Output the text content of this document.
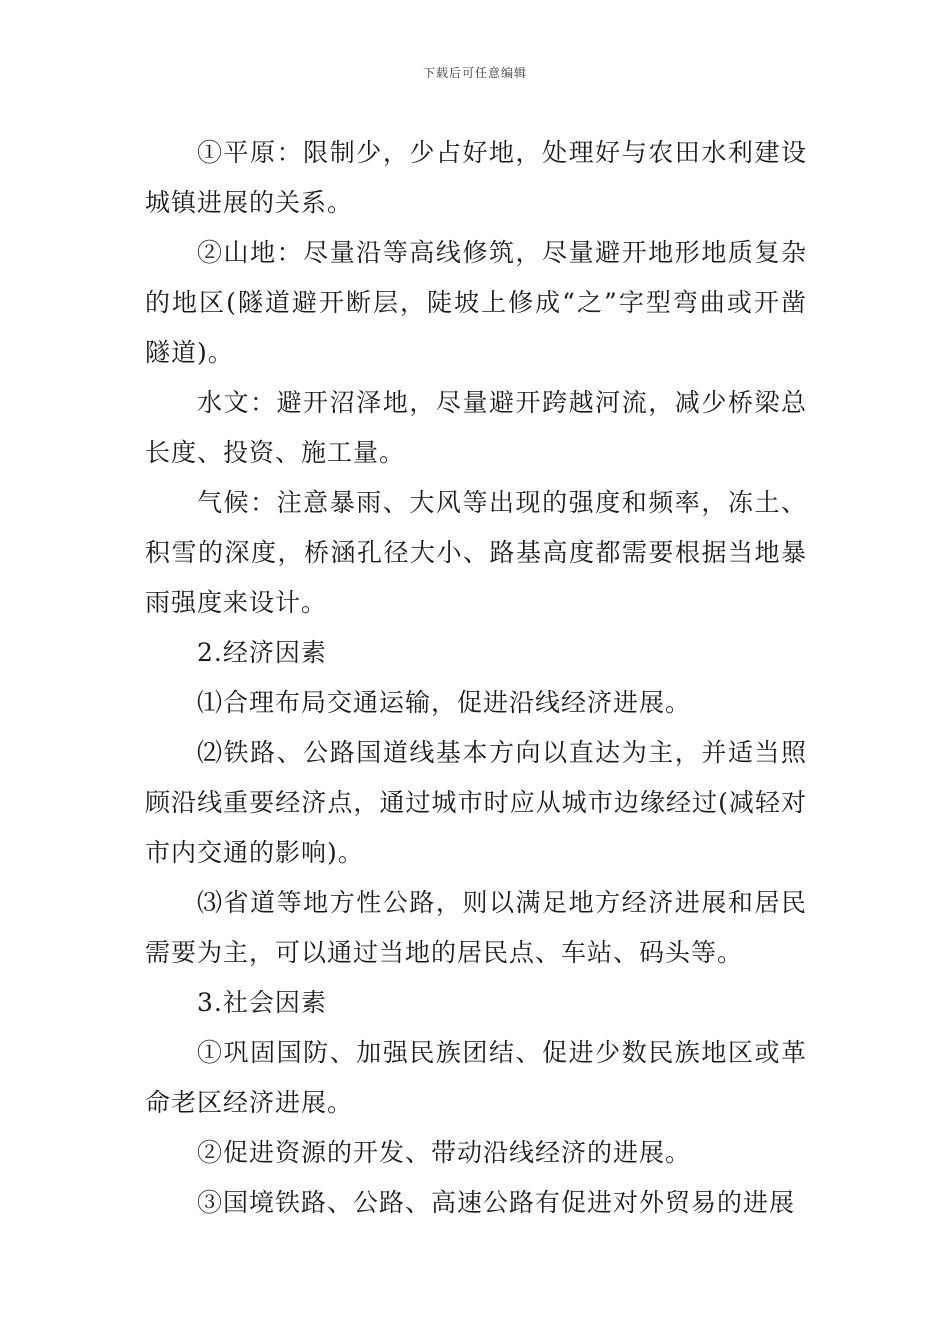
下载后可任意编辑

①平原：限制少，少占好地，处理好与农田水利建设城镇进展的关系。

②山地：尽量沿等高线修筑，尽量避开地形地质复杂的地区(隧道避开断层，陡坡上修成“之”字型弯曲或开凿隧道)。

水文：避开沼泽地，尽量避开跨越河流，减少桥梁总长度、投资、施工量。

气候：注意暴雨、大风等出现的强度和频率，冻土、积雪的深度，桥涵孔径大小、路基高度都需要根据当地暴雨强度来设计。

2.经济因素

⑴合理布局交通运输，促进沿线经济进展。

⑵铁路、公路国道线基本方向以直达为主，并适当照顾沿线重要经济点，通过城市时应从城市边缘经过(减轻对市内交通的影响)。

⑶省道等地方性公路，则以满足地方经济进展和居民需要为主，可以通过当地的居民点、车站、码头等。

3.社会因素

①巩固国防、加强民族团结、促进少数民族地区或革命老区经济进展。

②促进资源的开发、带动沿线经济的进展。

③国境铁路、公路、高速公路有促进对外贸易的进展
